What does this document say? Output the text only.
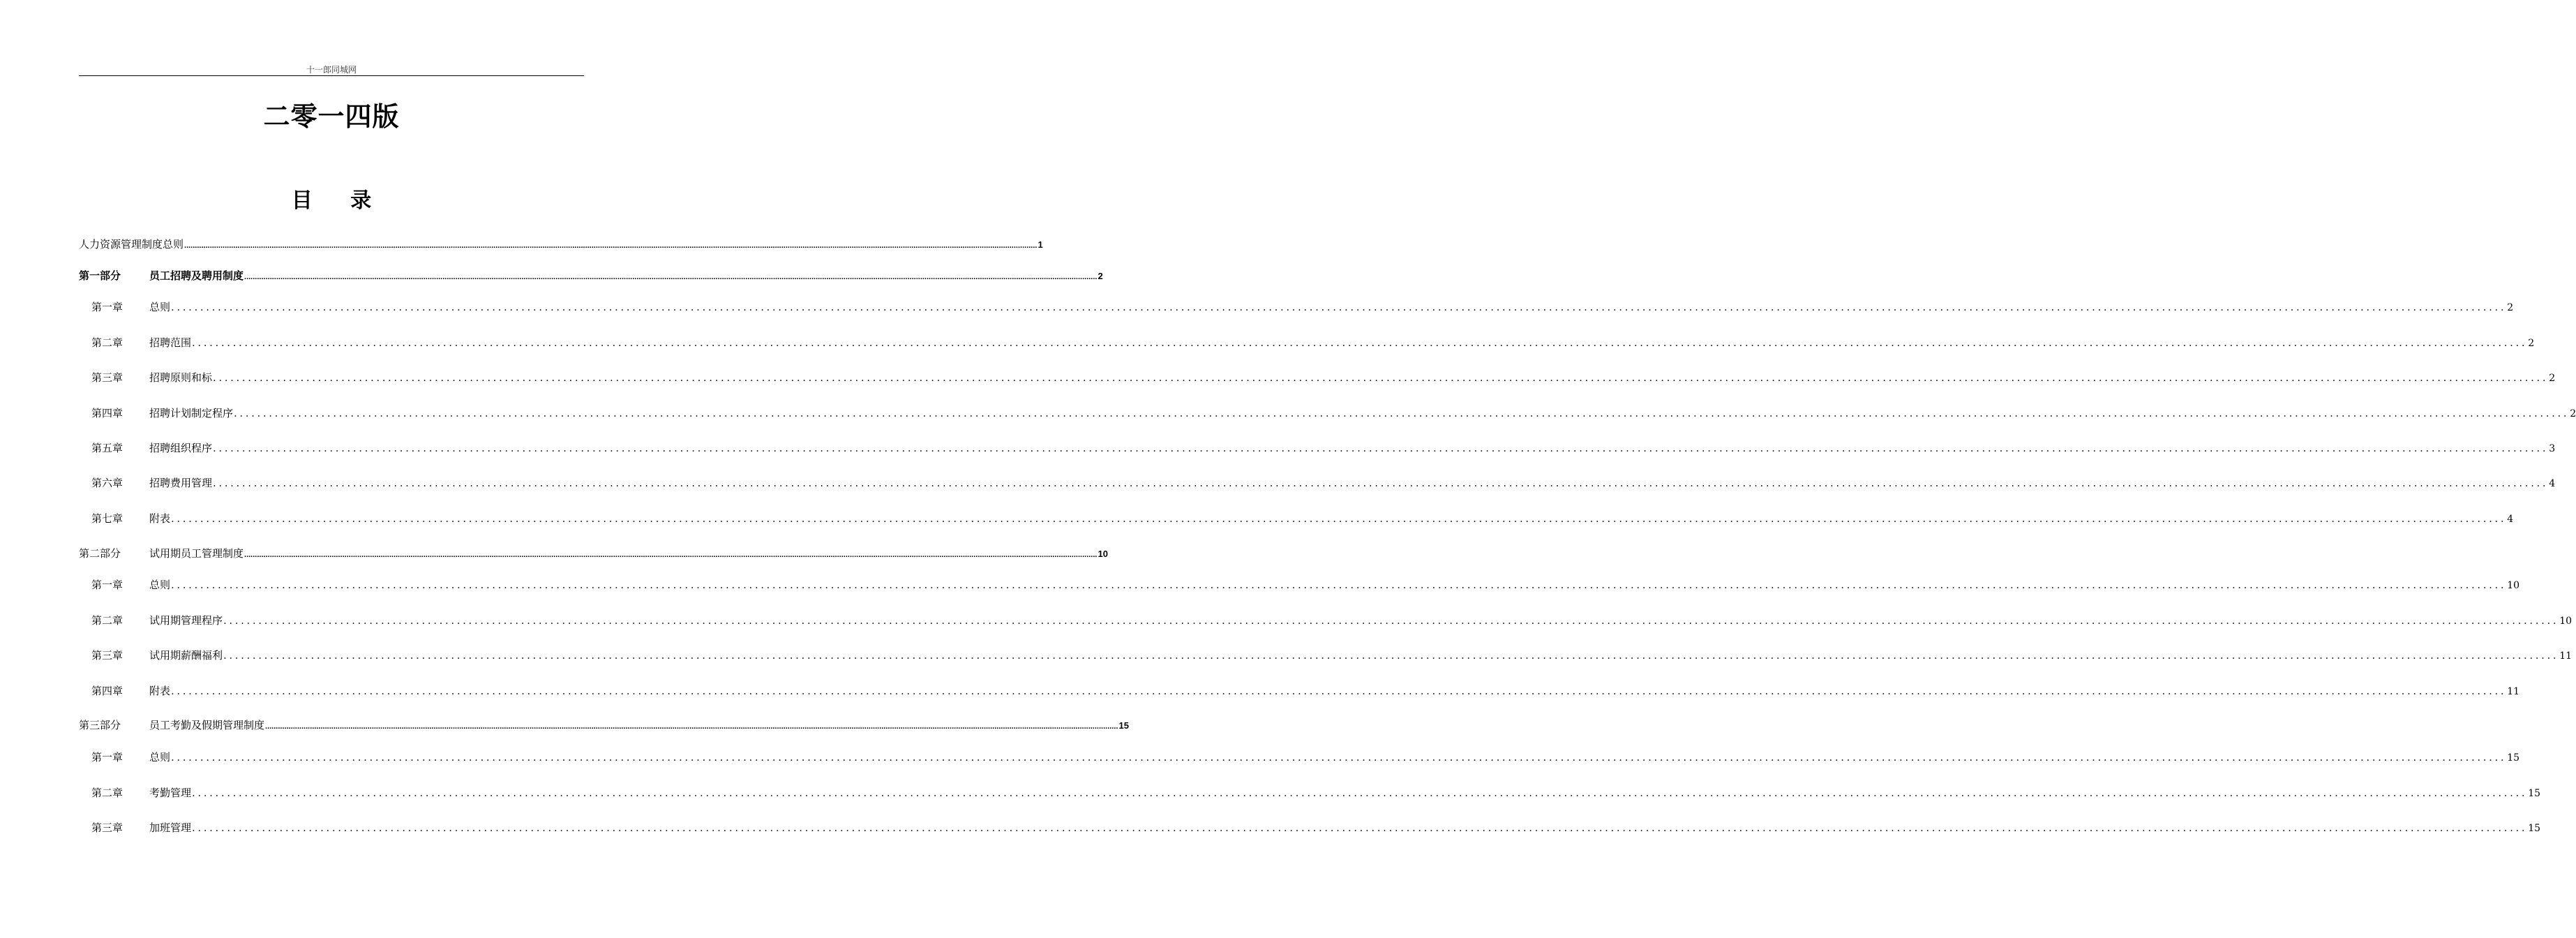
十一郎同城网
二零一四版
目 录
人力资源管理制度总则 ................................................................................................................................................................................................................................................................................................................................................................................................................ 1
第一部分	员工招聘及聘用制度 ................................................................................................................................................................................................................................................................................................................................................................................................................ 2
第一章	总则 ................................................................................................................................................................................................................................................................................................................................................................................................................ 2
第二章	招聘范围 ................................................................................................................................................................................................................................................................................................................................................................................................................ 2
第三章	招聘原则和标 ................................................................................................................................................................................................................................................................................................................................................................................................................ 2
第四章	招聘计划制定程序 ................................................................................................................................................................................................................................................................................................................................................................................................................ 2
第五章	招聘组织程序 ................................................................................................................................................................................................................................................................................................................................................................................................................ 3
第六章	招聘费用管理 ................................................................................................................................................................................................................................................................................................................................................................................................................ 4
第七章	附表 ................................................................................................................................................................................................................................................................................................................................................................................................................ 4
第二部分	试用期员工管理制度 ................................................................................................................................................................................................................................................................................................................................................................................................................ 10
第一章	总则 ................................................................................................................................................................................................................................................................................................................................................................................................................ 10
第二章	试用期管理程序 ................................................................................................................................................................................................................................................................................................................................................................................................................ 10
第三章	试用期薪酬福利 ................................................................................................................................................................................................................................................................................................................................................................................................................ 11
第四章	附表 ................................................................................................................................................................................................................................................................................................................................................................................................................ 11
第三部分	员工考勤及假期管理制度 ................................................................................................................................................................................................................................................................................................................................................................................................................ 15
第一章	总则 ................................................................................................................................................................................................................................................................................................................................................................................................................ 15
第二章	考勤管理 ................................................................................................................................................................................................................................................................................................................................................................................................................ 15
第三章	加班管理 ................................................................................................................................................................................................................................................................................................................................................................................................................ 15
